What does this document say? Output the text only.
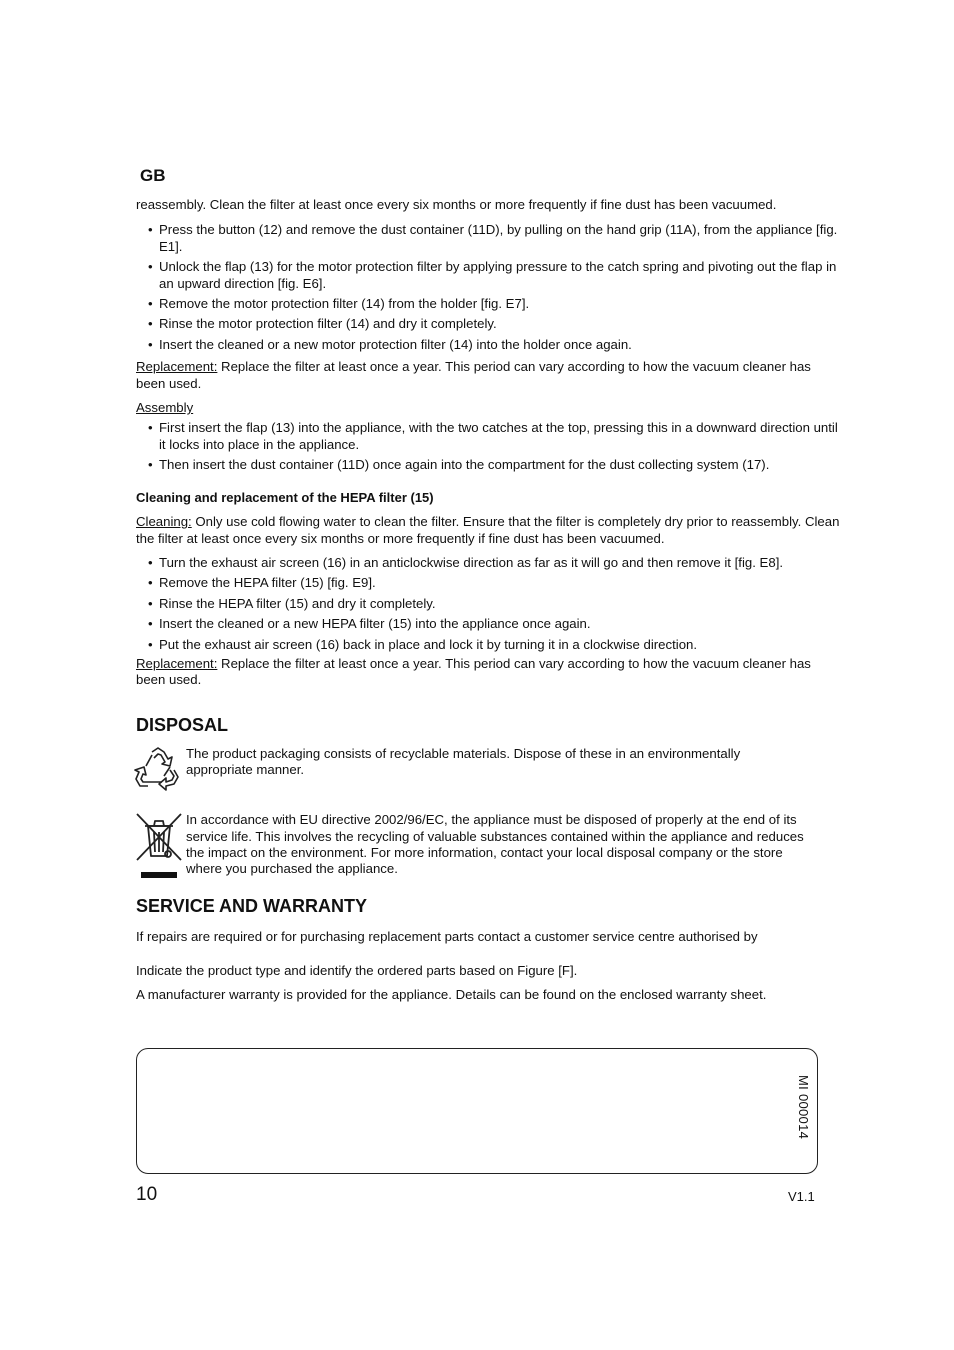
GB

reassembly. Clean the filter at least once every six months or more frequently if fine dust has been vacuumed.

• Press the button (12) and remove the dust container (11D), by pulling on the hand grip (11A), from the appliance [fig. E1].
• Unlock the flap (13) for the motor protection filter by applying pressure to the catch spring and pivoting out the flap in an upward direction [fig. E6].
• Remove the motor protection filter (14) from the holder [fig. E7].
• Rinse the motor protection filter (14) and dry it completely.
• Insert the cleaned or a new motor protection filter (14) into the holder once again.

Replacement: Replace the filter at least once a year. This period can vary according to how the vacuum cleaner has been used.

Assembly

• First insert the flap (13) into the appliance, with the two catches at the top, pressing this in a downward direction until it locks into place in the appliance.
• Then insert the dust container (11D) once again into the compartment for the dust collecting system (17).
Cleaning and replacement of the HEPA filter (15)

Cleaning: Only use cold flowing water to clean the filter. Ensure that the filter is completely dry prior to reassembly. Clean the filter at least once every six months or more frequently if fine dust has been vacuumed.

• Turn the exhaust air screen (16) in an anticlockwise direction as far as it will go and then remove it [fig. E8].
• Remove the HEPA filter (15) [fig. E9].
• Rinse the HEPA filter (15) and dry it completely.
• Insert the cleaned or a new HEPA filter (15) into the appliance once again.
• Put the exhaust air screen (16) back in place and lock it by turning it in a clockwise direction.

Replacement: Replace the filter at least once a year. This period can vary according to how the vacuum cleaner has been used.

DISPOSAL

The product packaging consists of recyclable materials. Dispose of these in an environmentally appropriate manner.

In accordance with EU directive 2002/96/EC, the appliance must be disposed of properly at the end of its service life. This involves the recycling of valuable substances contained within the appliance and reduces the impact on the environment. For more information, contact your local disposal company or the store where you purchased the appliance.

SERVICE AND WARRANTY

If repairs are required or for purchasing replacement parts contact a customer service centre authorised by

Indicate the product type and identify the ordered parts based on Figure [F].

A manufacturer warranty is provided for the appliance. Details can be found on the enclosed warranty sheet.

MI 000014
10	V1.1
